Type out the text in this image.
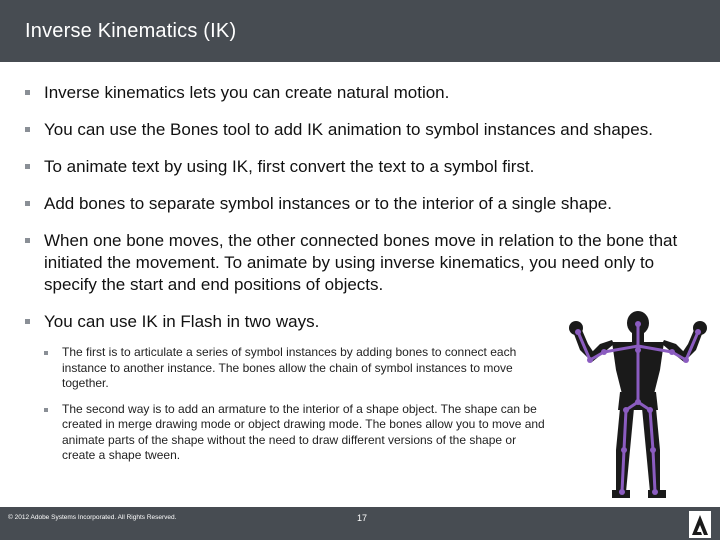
Inverse Kinematics (IK)
Inverse kinematics lets you can create natural motion.
You can use the Bones tool to add IK animation to symbol instances and shapes.
To animate text by using IK, first convert the text to a symbol first.
Add bones to separate symbol instances or to the interior of a single shape.
When one bone moves, the other connected bones move in relation to the bone that initiated the movement. To animate by using inverse kinematics, you need only to specify the start and end positions of objects.
You can use IK in Flash in two ways.
The first is to articulate a series of symbol instances by adding bones to connect each instance to another instance. The bones allow the chain of symbol instances to move together.
The second way is to add an armature to the interior of a shape object. The shape can be created in merge drawing mode or object drawing mode. The bones allow you to move and animate parts of the shape without the need to draw different versions of the shape or create a shape tween.
© 2012 Adobe Systems Incorporated. All Rights Reserved.	17
